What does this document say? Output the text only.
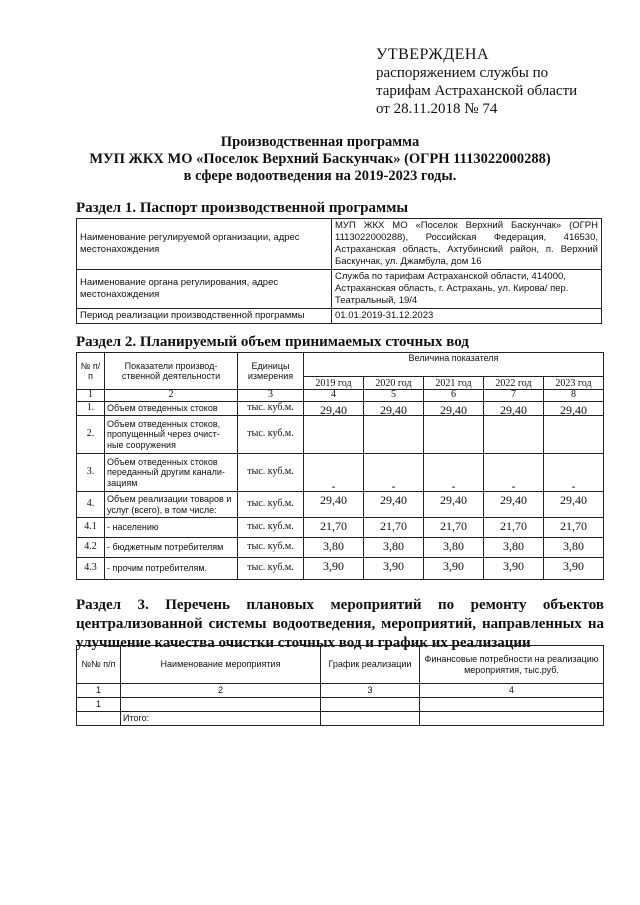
УТВЕРЖДЕНА
распоряжением службы по
тарифам Астраханской области
от 28.11.2018 № 74
Производственная программа
МУП ЖКХ МО «Поселок Верхний Баскунчак» (ОГРН 1113022000288)
в сфере водоотведения на 2019-2023 годы.
Раздел 1. Паспорт производственной программы
Наименование регулируемой организации, адрес местонахождения	МУП ЖКХ МО «Поселок Верхний Баскунчак» (ОГРН 1113022000288), Российская Федерация, 416530, Астраханская область, Ахтубинский район, п. Верхний Баскунчак, ул. Джамбула, дом 16
Наименование органа регулирования, адрес местонахождения	Служба по тарифам Астраханской области, 414000, Астраханская область, г. Астрахань, ул. Кирова/ пер. Театральный, 19/4
Период реализации производственной программы	01.01.2019-31.12.2023
Раздел 2. Планируемый объем принимаемых сточных вод
№ п/п	Показатели производ-ственной деятельности	Единицы измерения	Величина показателя				
			2019 год	2020 год	2021 год	2022 год	2023 год
1	2	3	4	5	6	7	8
1.	Объем отведенных стоков	тыс. куб.м.	29,40	29,40	29,40	29,40	29,40
2.	Объем отведенных стоков, пропущенный через очист-ные сооружения	тыс. куб.м.					
3.	Объем отведенных стоков переданный другим канали-зациям	тыс. куб.м.	-	-	-	-	-
4.	Объем реализации товаров и услуг (всего), в том числе:	тыс. куб.м.	29,40	29,40	29,40	29,40	29,40
4.1	- населению	тыс. куб.м.	21,70	21,70	21,70	21,70	21,70
4.2	- бюджетным потребителям	тыс. куб.м.	3,80	3,80	3,80	3,80	3,80
4.3	- прочим потребителям.	тыс. куб.м.	3,90	3,90	3,90	3,90	3,90
Раздел 3. Перечень плановых мероприятий по ремонту объектов централизованной системы водоотведения, мероприятий, направленных на улучшение качества очистки сточных вод и график их реализации
№№ п/п	Наименование мероприятия	График реализации	Финансовые потребности на реализацию мероприятия, тыс.руб.
1	2	3	4
1			
	Итого:		
